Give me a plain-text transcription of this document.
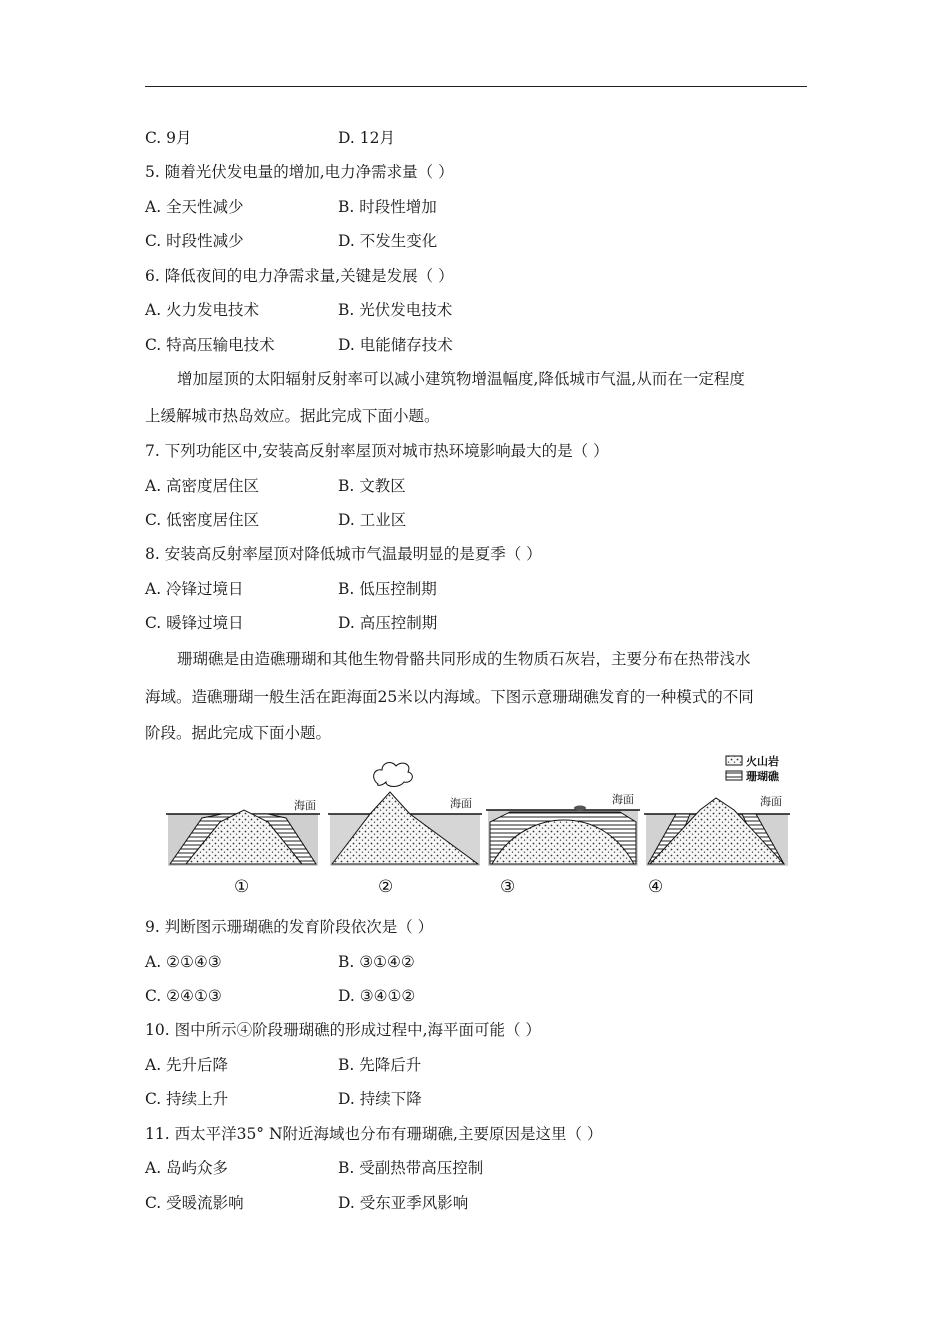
C. 9月	D. 12月
5. 随着光伏发电量的增加,电力净需求量（ ）
A. 全天性减少	B. 时段性增加
C. 时段性减少	D. 不发生变化
6. 降低夜间的电力净需求量,关键是发展（ ）
A. 火力发电技术	B. 光伏发电技术
C. 特高压输电技术	D. 电能储存技术
增加屋顶的太阳辐射反射率可以减小建筑物增温幅度,降低城市气温,从而在一定程度
上缓解城市热岛效应。据此完成下面小题。
7. 下列功能区中,安装高反射率屋顶对城市热环境影响最大的是（ ）
A. 高密度居住区	B. 文教区
C. 低密度居住区	D. 工业区
8. 安装高反射率屋顶对降低城市气温最明显的是夏季（ ）
A. 冷锋过境日	B. 低压控制期
C. 暖锋过境日	D. 高压控制期
珊瑚礁是由造礁珊瑚和其他生物骨骼共同形成的生物质石灰岩，主要分布在热带浅水
海域。造礁珊瑚一般生活在距海面25米以内海域。下图示意珊瑚礁发育的一种模式的不同
阶段。据此完成下面小题。
火山岩
珊瑚礁
海面
①
海面
②
海面
③
海面
④
9. 判断图示珊瑚礁的发育阶段依次是（ ）
A. ②①④③	B. ③①④②
C. ②④①③	D. ③④①②
10. 图中所示④阶段珊瑚礁的形成过程中,海平面可能（ ）
A. 先升后降	B. 先降后升
C. 持续上升	D. 持续下降
11. 西太平洋35° N附近海域也分布有珊瑚礁,主要原因是这里（ ）
A. 岛屿众多	B. 受副热带高压控制
C. 受暖流影响	D. 受东亚季风影响
